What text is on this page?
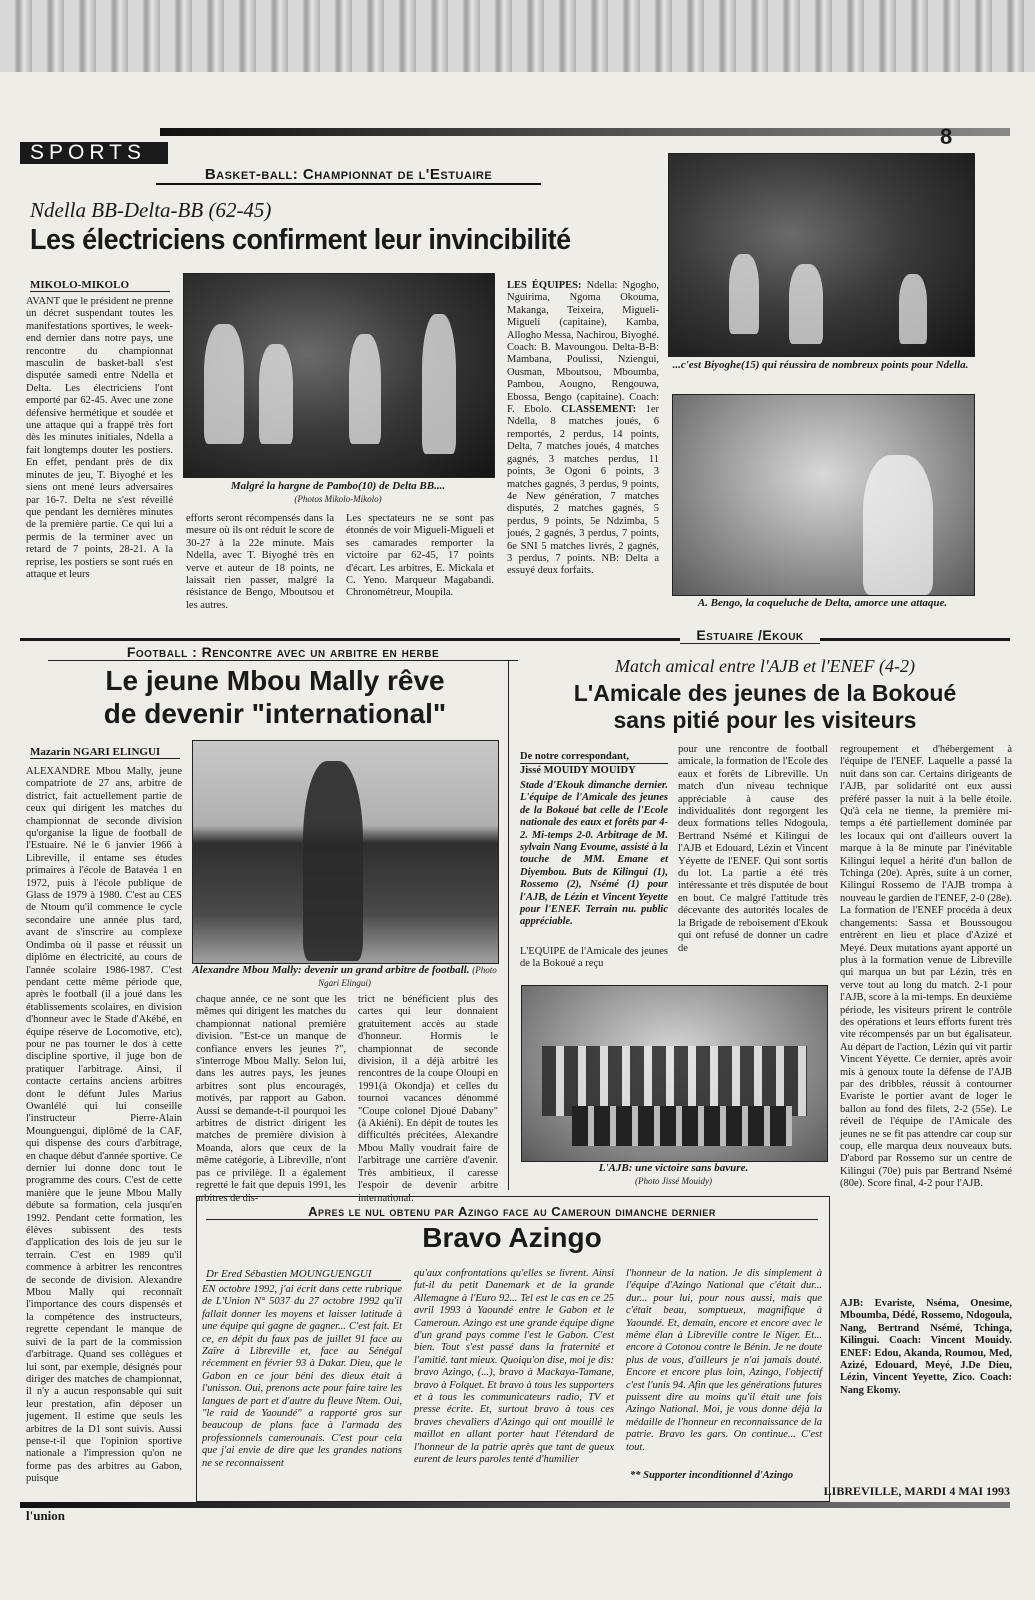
SPORTS
8
Basket-ball: Championnat de l'Estuaire
Ndella BB-Delta-BB (62-45)
Les électriciens confirment leur invincibilité
MIKOLO-MIKOLO
AVANT que le président ne prenne un décret suspendant toutes les manifestations sportives, le week-end dernier dans notre pays, une rencontre du championnat masculin de basket-ball s'est disputée samedi entre Ndella et Delta. Les électriciens l'ont emporté par 62-45. Avec une zone défensive hermétique et soudée et une attaque qui a frappé très fort dès les minutes initiales, Ndella a fait longtemps douter les postiers. En effet, pendant près de dix minutes de jeu, T. Biyoghé et les siens ont mené leurs adversaires par 16-7. Delta ne s'est réveillé que pendant les dernières minutes de la première partie. Ce qui lui a permis de la terminer avec un retard de 7 points, 28-21. A la reprise, les postiers se sont rués en attaque et leurs
Malgré la hargne de Pambo(10) de Delta BB....
(Photos Mikolo-Mikolo)
efforts seront récompensés dans la mesure où ils ont réduit le score de 30-27 à la 22e minute. Mais Ndella, avec T. Biyoghé très en verve et auteur de 18 points, ne laissait rien passer, malgré la résistance de Bengo, Mboutsou et les autres.
Les spectateurs ne se sont pas étonnés de voir Migueli-Migueli et ses camarades remporter la victoire par 62-45, 17 points d'écart. Les arbitres, E. Mickala et C. Yeno. Marqueur Magabandi. Chronométreur, Moupila.
LES ÉQUIPES: Ndella: Ngogho, Nguirima, Ngoma Okouma, Makanga, Teixeira, Migueli-Migueli (capitaine), Kamba, Allogho Messa, Nachirou, Biyoghé. Coach: B. Mavoungou. Delta-B-B: Mambana, Poulissi, Nziengui, Ousman, Mboutsou, Mboumba, Pambou, Aougno, Rengouwa, Ebossa, Bengo (capitaine). Coach: F. Ebolo. CLASSEMENT: 1er Ndella, 8 matches joués, 6 remportés, 2 perdus, 14 points, Delta, 7 matches joués, 4 matches gagnés, 3 matches perdus, 11 points, 3e Ogoni 6 points, 3 matches gagnés, 3 perdus, 9 points, 4e New génération, 7 matches disputés, 2 matches gagnés, 5 perdus, 9 points, 5e Ndzimba, 5 joués, 2 gagnés, 3 perdus, 7 points, 6e SNI 5 matches livrés, 2 gagnés, 3 perdus, 7 points. NB: Delta a essuyé deux forfaits.
...c'est Biyoghe(15) qui réussira de nombreux points pour Ndella.
A. Bengo, la coqueluche de Delta, amorce une attaque.
Football : Rencontre avec un arbitre en herbe
Le jeune Mbou Mally rêve
de devenir "international"
Mazarin NGARI ELINGUI
ALEXANDRE Mbou Mally, jeune compatriote de 27 ans, arbitre de district, fait actuellement partie de ceux qui dirigent les matches du championnat de seconde division qu'organise la ligue de football de l'Estuaire. Né le 6 janvier 1966 à Libreville, il entame ses études primaires à l'école de Batavéa 1 en 1972, puis à l'école publique de Glass de 1979 à 1980. C'est au CES de Ntoum qu'il commence le cycle secondaire une année plus tard, avant de s'inscrire au complexe Ondimba où il passe et réussit un diplôme en électricité, au cours de l'année scolaire 1986-1987. C'est pendant cette même période que, après le football (il a joué dans les établissements scolaires, en division d'honneur avec le Stade d'Akébé, en équipe réserve de Locomotive, etc), pour ne pas tourner le dos à cette discipline sportive, il juge bon de pratiquer l'arbitrage. Ainsi, il contacte certains anciens arbitres dont le défunt Jules Marius Owanlélé qui lui conseille l'instructeur Pierre-Alain Mounguengui, diplômé de la CAF, qui dispense des cours d'arbitrage, en chaque début d'année sportive. Ce dernier lui donne donc tout le programme des cours. C'est de cette manière que le jeune Mbou Mally débute sa formation, cela jusqu'en 1992. Pendant cette formation, les élèves subissent des tests d'application des lois de jeu sur le terrain. C'est en 1989 qu'il commence à arbitrer les rencontres de seconde de division. Alexandre Mbou Mally qui reconnaît l'importance des cours dispensés et la compétence des instructeurs, regrette cependant le manque de suivi de la part de la commission d'arbitrage. Quand ses collègues et lui sont, par exemple, désignés pour diriger des matches de championnat, il n'y a aucun responsable qui suit leur prestation, afin déposer un jugement. Il estime que seuls les arbitres de la D1 sont suivis. Aussi pense-t-il que l'opinion sportive nationale a l'impression qu'on ne forme pas des arbitres au Gabon, puisque
Alexandre Mbou Mally: devenir un grand arbitre de football. (Photo Ngari Elingui)
chaque année, ce ne sont que les mêmes qui dirigent les matches du championnat national première division. "Est-ce un manque de confiance envers les jeunes ?", s'interroge Mbou Mally. Selon lui, dans les autres pays, les jeunes arbitres sont plus encouragés, motivés, par rapport au Gabon. Aussi se demande-t-il pourquoi les arbitres de district dirigent les matches de première division à Moanda, alors que ceux de la même catégorie, à Libreville, n'ont pas ce privilège. Il a également regretté le fait que depuis 1991, les arbitres de dis-
trict ne bénéficient plus des cartes qui leur donnaient gratuitement accès au stade d'honneur. Hormis le championnat de seconde division, il a déjà arbitré les rencontres de la coupe Oloupi en 1991(à Okondja) et celles du tournoi vacances dénommé "Coupe colonel Djoué Dabany" (à Akiéni). En dépit de toutes les difficultés précitées, Alexandre Mbou Mally voudrait faire de l'arbitrage une carrière d'avenir. Très ambitieux, il caresse l'espoir de devenir arbitre international.
Estuaire /Ekouk
Match amical entre l'AJB et l'ENEF (4-2)
L'Amicale des jeunes de la Bokoué
sans pitié pour les visiteurs
De notre correspondant,
Jissé MOUIDY MOUIDY
Stade d'Ekouk dimanche dernier. L'équipe de l'Amicale des jeunes de la Bokoué bat celle de l'Ecole nationale des eaux et forêts par 4-2. Mi-temps 2-0. Arbitrage de M. sylvain Nang Evoume, assisté à la touche de MM. Emane et Diyembou. Buts de Kilingui (1), Rossemo (2), Nsémé (1) pour l'AJB, de Lézin et Vincent Yeyette pour l'ENEF. Terrain nu. public appréciable.
L'EQUIPE de l'Amicale des jeunes de la Bokoué a reçu
pour une rencontre de football amicale, la formation de l'Ecole des eaux et forêts de Libreville. Un match d'un niveau technique appréciable à cause des individualités dont regorgent les deux formations telles Ndogoula, Bertrand Nsémé et Kilingui de l'AJB et Edouard, Lézin et Vincent Yéyette de l'ENEF. Qui sont sortis du lot. La partie a été très intéressante et très disputée de bout en bout. Ce malgré l'attitude très décevante des autorités locales de la Brigade de reboisement d'Ekouk qui ont refusé de donner un cadre de
L'AJB: une victoire sans bavure.
(Photo Jissé Mouidy)
regroupement et d'hébergement à l'équipe de l'ENEF. Laquelle a passé la nuit dans son car. Certains dirigeants de l'AJB, par solidarité ont eux aussi préféré passer la nuit à la belle étoile. Qu'à cela ne tienne, la première mi-temps a été partiellement dominée par les locaux qui ont d'ailleurs ouvert la marque à la 8e minute par l'inévitable Kilingui lequel a hérité d'un ballon de Tchinga (20e). Après, suite à un corner, Kilingui Rossemo de l'AJB trompa à nouveau le gardien de l'ENEF, 2-0 (28e). La formation de l'ENEF procéda à deux changements: Sassa et Boussougou entrèrent en lieu et place d'Azizé et Meyé. Deux mutations ayant apporté un plus à la formation venue de Libreville qui marqua un but par Lézin, très en verve tout au long du match. 2-1 pour l'AJB, score à la mi-temps. En deuxième période, les visiteurs prirent le contrôle des opérations et leurs efforts furent très vite récompensés par un but égalisateur. Au départ de l'action, Lézin qui vit partir Vincent Yéyette. Ce dernier, après avoir mis à genoux toute la défense de l'AJB par des dribbles, réussit à contourner Evariste le portier avant de loger le ballon au fond des filets, 2-2 (55e). Le réveil de l'équipe de l'Amicale des jeunes ne se fit pas attendre car coup sur coup, elle marqua deux nouveaux buts. D'abord par Rossemo sur un centre de Kilingui (70e) puis par Bertrand Nsémé (80e). Score final, 4-2 pour l'AJB.
AJB: Evariste, Nséma, Onesime, Mboumba, Dédé, Rossemo, Ndogoula, Nang, Bertrand Nsémé, Tchinga, Kilingui. Coach: Vincent Mouidy. ENEF: Edou, Akanda, Roumou, Med, Azizé, Edouard, Meyé, J.De Dieu, Lézin, Vincent Yeyette, Zico. Coach: Nang Ekomy.
Apres le nul obtenu par Azingo face au Cameroun dimanche dernier
Bravo Azingo
Dr Ered Sébastien MOUNGUENGUI
EN octobre 1992, j'ai écrit dans cette rubrique de L'Union N° 5037 du 27 octobre 1992 qu'il fallait donner les moyens et laisser latitude à une équipe qui gagne de gagner... C'est fait. Et ce, en dépit du faux pas de juillet 91 face au Zaïre à Libreville et, face au Sénégal récemment en février 93 à Dakar. Dieu, que le Gabon en ce jour béni des dieux était à l'unisson. Oui, prenons acte pour faire taire les langues de part et d'autre du fleuve Ntem. Oui, "le raid de Yaoundé" a rapporté gros sur beaucoup de plans face à l'armada des professionnels camerounais. C'est pour cela que j'ai envie de dire que les grandes nations ne se reconnaissent
qu'aux confrontations qu'elles se livrent. Ainsi fut-il du petit Danemark et de la grande Allemagne à l'Euro 92... Tel est le cas en ce 25 avril 1993 à Yaoundé entre le Gabon et le Cameroun. Azingo est une grande équipe digne d'un grand pays comme l'est le Gabon. C'est bien. Tout s'est passé dans la fraternité et l'amitié. tant mieux. Quoiqu'on dise, moi je dis: bravo Azingo, (...), bravo à Mackaya-Tamane, bravo à Folquet. Et bravo à tous les supporters et à tous les communicateurs radio, TV et presse écrite. Et, surtout bravo à tous ces braves chevaliers d'Azingo qui ont mouillé le maillot en allant porter haut l'étendard de l'honneur de la patrie après que tant de gueux eurent de leurs paroles tenté d'humilier
l'honneur de la nation. Je dis simplement à l'équipe d'Azingo National que c'était dur... dur... pour lui, pour nous aussi, mais que c'était beau, somptueux, magnifique à Yaoundé. Et, demain, encore et encore avec le même élan à Libreville contre le Niger. Et... encore à Cotonou contre le Bénin. Je ne doute plus de vous, d'ailleurs je n'ai jamais douté. Encore et encore plus loin, Azingo, l'objectif c'est l'unis 94. Afin que les générations futures puissent dire au moins qu'il était une fois Azingo National. Moi, je vous donne déjà la médaille de l'honneur en reconnaissance de la patrie. Bravo les gars. On continue... C'est tout.
** Supporter inconditionnel d'Azingo
l'union
LIBREVILLE, MARDI 4 MAI 1993
